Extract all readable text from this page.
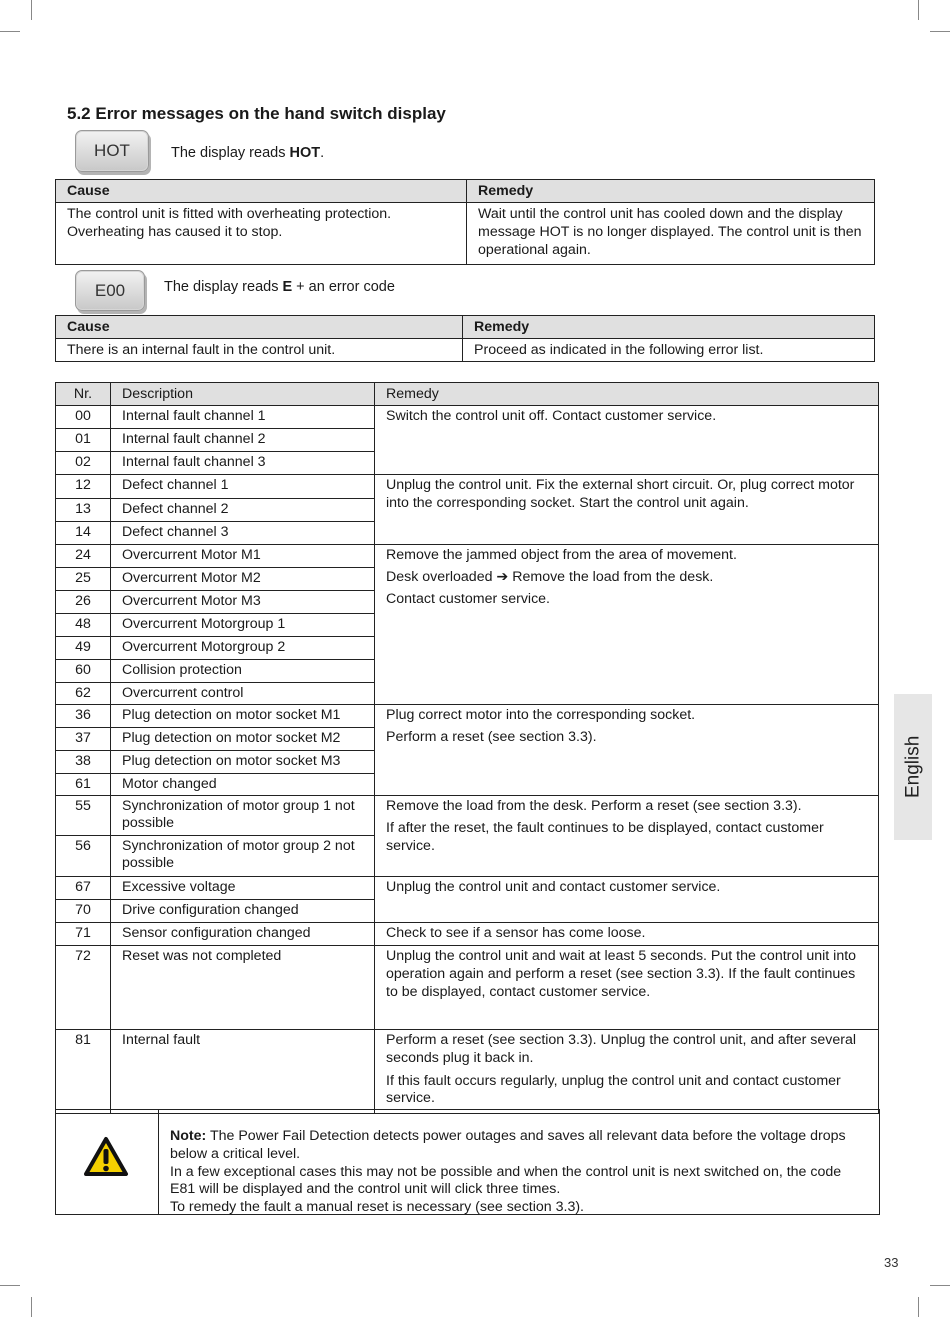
5.2 Error messages on the hand switch display
HOT	The display reads HOT.
Cause	Remedy
The control unit is fitted with overheating protection. Overheating has caused it to stop.	Wait until the control unit has cooled down and the display message HOT is no longer displayed. The control unit is then operational again.
E00	The display reads E + an error code
Cause	Remedy
There is an internal fault in the control unit.	Proceed as indicated in the following error list.
Nr.	Description	Remedy
00	Internal fault channel 1	Switch the control unit off. Contact customer service.

01	Internal fault channel 2	
02	Internal fault channel 3	
12	Defect channel 1	Unplug the control unit. Fix the external short circuit. Or, plug correct motor into the corresponding socket. Start the control unit again.

13	Defect channel 2	
14	Defect channel 3	
24	Overcurrent Motor M1	Remove the jammed object from the area of movement.

Desk overloaded ➔ Remove the load from the desk.

Contact customer service.

25	Overcurrent Motor M2	
26	Overcurrent Motor M3	
48	Overcurrent Motorgroup 1	
49	Overcurrent Motorgroup 2	
60	Collision protection	
62	Overcurrent control	
36	Plug detection on motor socket M1	Plug correct motor into the corresponding socket.

Perform a reset (see section 3.3).

37	Plug detection on motor socket M2	
38	Plug detection on motor socket M3	
61	Motor changed	
55	Synchronization of motor group 1 not possible	Remove the load from the desk. Perform a reset (see section 3.3).

If after the reset, the fault continues to be displayed, contact customer service.

56	Synchronization of motor group 2 not possible	
67	Excessive voltage	Unplug the control unit and contact customer service.

70	Drive configuration changed	
71	Sensor configuration changed	Check to see if a sensor has come loose.

72	Reset was not completed	Unplug the control unit and wait at least 5 seconds. Put the control unit into operation again and perform a reset (see section 3.3). If the fault continues to be displayed, contact customer service.

81	Internal fault	Perform a reset (see section 3.3). Unplug the control unit, and after several seconds plug it back in.

If this fault occurs regularly, unplug the control unit and contact customer service.

Note: The Power Fail Detection detects power outages and saves all relevant data before the voltage drops below a critical level.

In a few exceptional cases this may not be possible and when the control unit is next switched on, the code E81 will be displayed and the control unit will click three times.

To remedy the fault a manual reset is necessary (see section 3.3).

English
33
